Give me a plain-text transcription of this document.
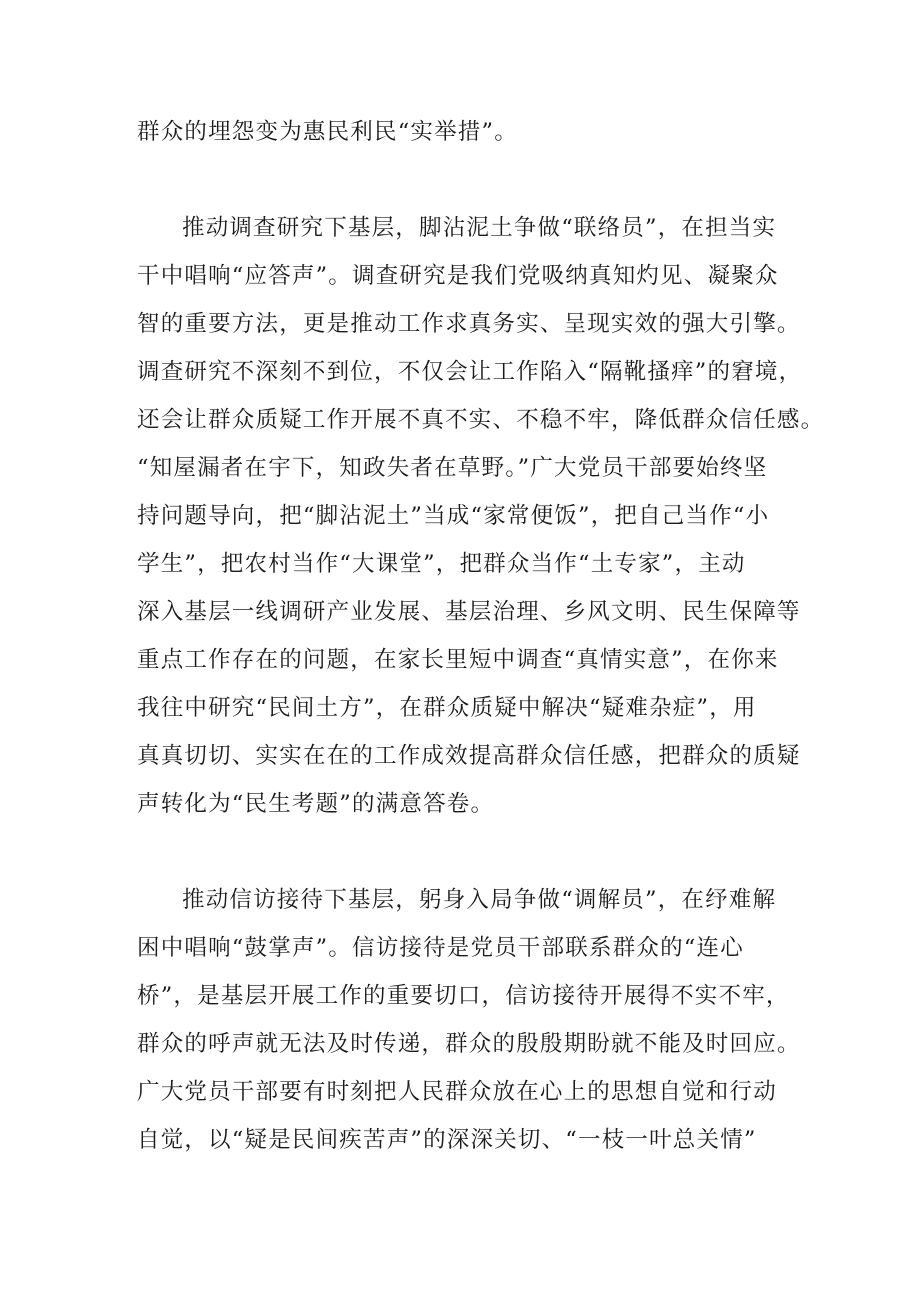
群众的埋怨变为惠民利民“实举措”。
推动调查研究下基层，脚沾泥土争做“联络员”，在担当实
干中唱响“应答声”。调查研究是我们党吸纳真知灼见、凝聚众
智的重要方法，更是推动工作求真务实、呈现实效的强大引擎。
调查研究不深刻不到位，不仅会让工作陷入“隔靴搔痒”的窘境，
还会让群众质疑工作开展不真不实、不稳不牢，降低群众信任感。
“知屋漏者在宇下，知政失者在草野。”广大党员干部要始终坚
持问题导向，把“脚沾泥土”当成“家常便饭”，把自己当作“小
学生”，把农村当作“大课堂”，把群众当作“土专家”，主动
深入基层一线调研产业发展、基层治理、乡风文明、民生保障等
重点工作存在的问题，在家长里短中调查“真情实意”，在你来
我往中研究“民间土方”，在群众质疑中解决“疑难杂症”，用
真真切切、实实在在的工作成效提高群众信任感，把群众的质疑
声转化为“民生考题”的满意答卷。
推动信访接待下基层，躬身入局争做“调解员”，在纾难解
困中唱响“鼓掌声”。信访接待是党员干部联系群众的“连心
桥”，是基层开展工作的重要切口，信访接待开展得不实不牢，
群众的呼声就无法及时传递，群众的殷殷期盼就不能及时回应。
广大党员干部要有时刻把人民群众放在心上的思想自觉和行动
自觉，以“疑是民间疾苦声”的深深关切、“一枝一叶总关情”
